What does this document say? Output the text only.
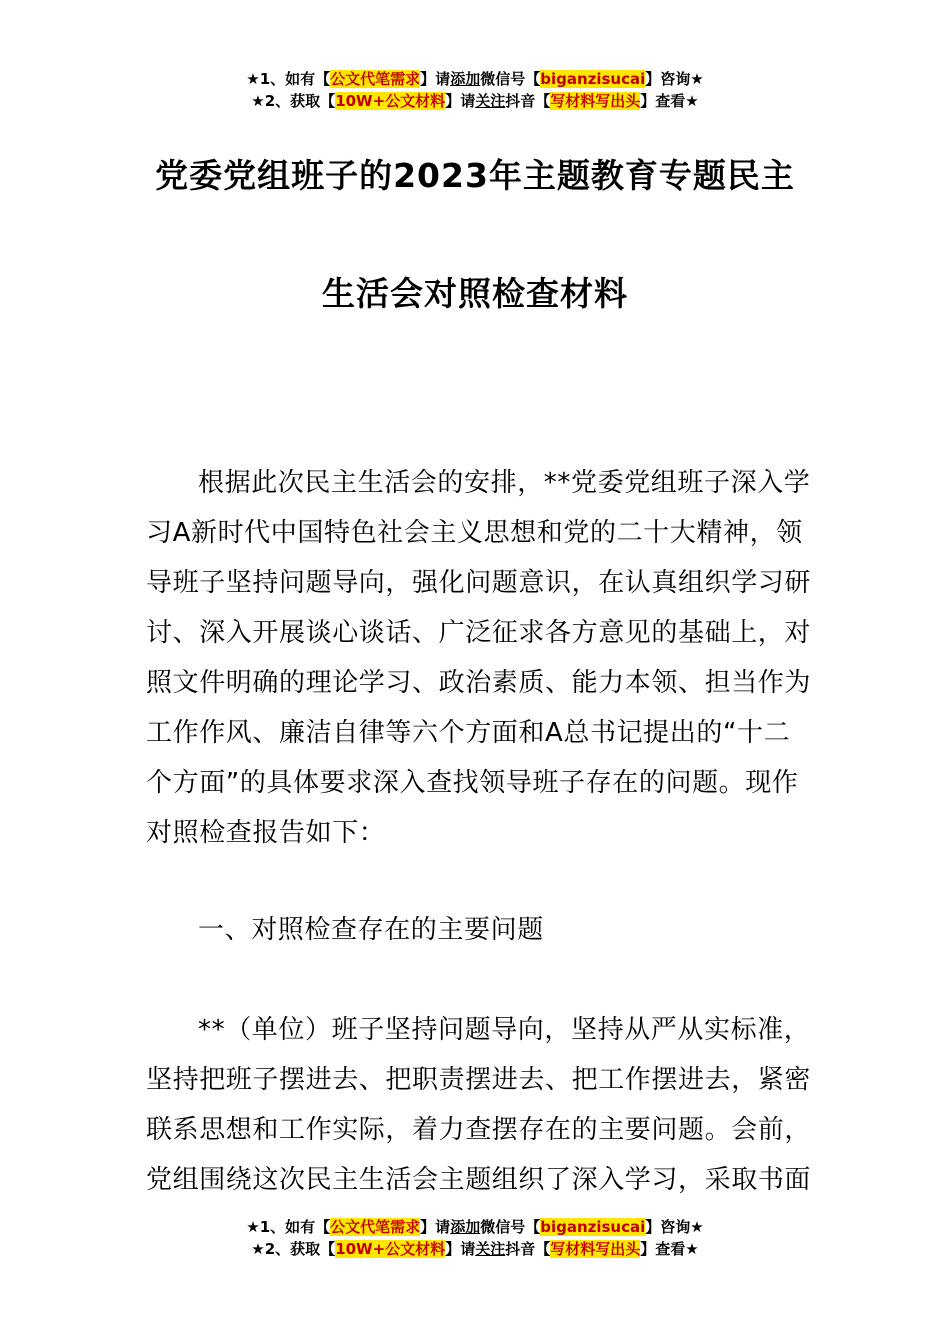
★1、如有【公文代笔需求】请添加微信号【biganzisucai】咨询★
★2、获取【10W+公文材料】请关注抖音【写材料写出头】查看★
党委党组班子的2023年主题教育专题民主
生活会对照检查材料
根据此次民主生活会的安排，**党委党组班子深入学
习A新时代中国特色社会主义思想和党的二十大精神，领
导班子坚持问题导向，强化问题意识，在认真组织学习研
讨、深入开展谈心谈话、广泛征求各方意见的基础上，对
照文件明确的理论学习、政治素质、能力本领、担当作为
工作作风、廉洁自律等六个方面和A总书记提出的“十二
个方面”的具体要求深入查找领导班子存在的问题。现作
对照检查报告如下：
一、对照检查存在的主要问题
**（单位）班子坚持问题导向，坚持从严从实标准，
坚持把班子摆进去、把职责摆进去、把工作摆进去，紧密
联系思想和工作实际，着力查摆存在的主要问题。会前，
党组围绕这次民主生活会主题组织了深入学习，采取书面
★1、如有【公文代笔需求】请添加微信号【biganzisucai】咨询★
★2、获取【10W+公文材料】请关注抖音【写材料写出头】查看★
